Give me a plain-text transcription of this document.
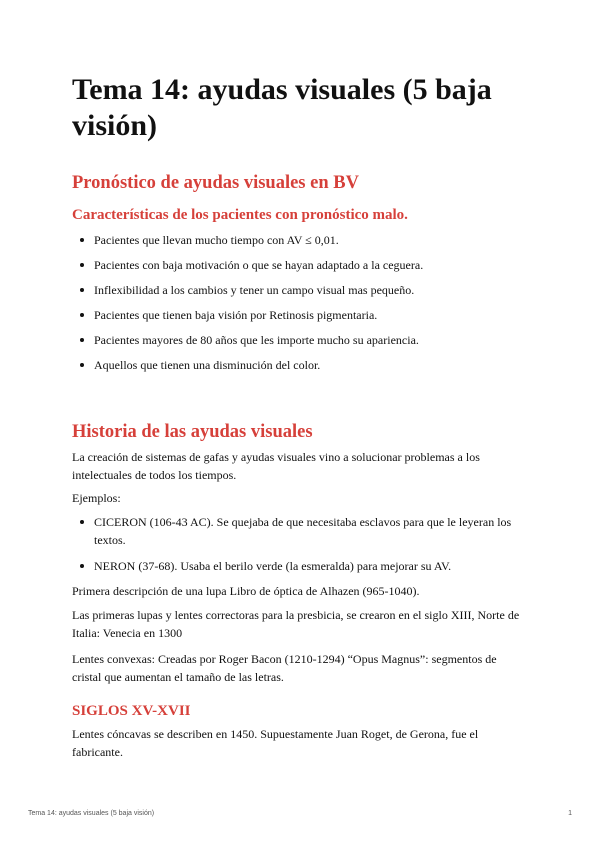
Tema 14: ayudas visuales (5 baja visión)
Pronóstico de ayudas visuales en BV
Características de los pacientes con pronóstico malo.
Pacientes que llevan mucho tiempo con AV ≤ 0,01.
Pacientes con baja motivación o que se hayan adaptado a la ceguera.
Inflexibilidad a los cambios y tener un campo visual mas pequeño.
Pacientes que tienen baja visión por Retinosis pigmentaria.
Pacientes mayores de 80 años que les importe mucho su apariencia.
Aquellos que tienen una disminución del color.
Historia de las ayudas visuales

La creación de sistemas de gafas y ayudas visuales vino a solucionar problemas a los intelectuales de todos los tiempos.

Ejemplos:

CICERON (106-43 AC). Se quejaba de que necesitaba esclavos para que le leyeran los textos.
NERON (37-68). Usaba el berilo verde (la esmeralda) para mejorar su AV.

Primera descripción de una lupa Libro de óptica de Alhazen (965-1040).

Las primeras lupas y lentes correctoras para la presbicia, se crearon en el siglo XIII, Norte de Italia: Venecia en 1300

Lentes convexas: Creadas por Roger Bacon (1210-1294) “Opus Magnus”: segmentos de cristal que aumentan el tamaño de las letras.

SIGLOS XV-XVII

Lentes cóncavas se describen en 1450. Supuestamente Juan Roget, de Gerona, fue el fabricante.

Tema 14: ayudas visuales (5 baja visión)	1
